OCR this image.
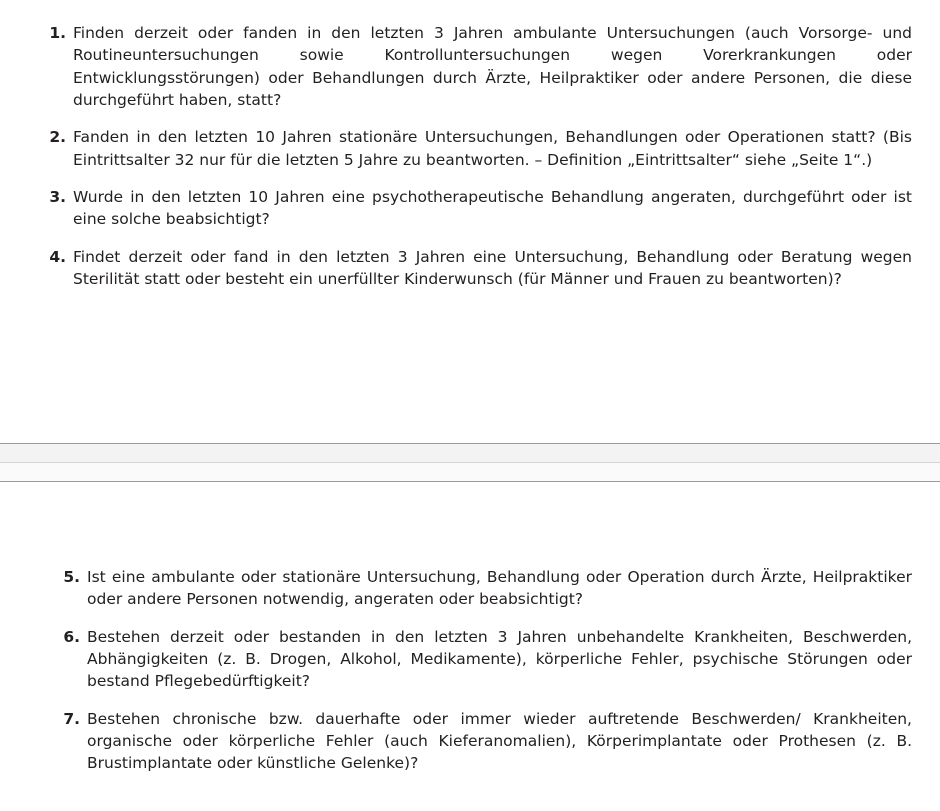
1. Finden derzeit oder fanden in den letzten 3 Jahren ambulante Untersuchungen (auch Vorsorge- und Routineuntersuchungen sowie Kontrolluntersuchungen wegen Vorerkrankungen oder Entwicklungsstörungen) oder Behandlungen durch Ärzte, Heilpraktiker oder andere Personen, die diese durchgeführt haben, statt?
2. Fanden in den letzten 10 Jahren stationäre Untersuchungen, Behandlungen oder Operationen statt? (Bis Eintrittsalter 32 nur für die letzten 5 Jahre zu beantworten. – Definition „Eintrittsalter“ siehe „Seite 1“.)
3. Wurde in den letzten 10 Jahren eine psychotherapeutische Behandlung angeraten, durchgeführt oder ist eine solche beabsichtigt?
4. Findet derzeit oder fand in den letzten 3 Jahren eine Untersuchung, Behandlung oder Beratung wegen Sterilität statt oder besteht ein unerfüllter Kinderwunsch (für Männer und Frauen zu beantworten)?
5. Ist eine ambulante oder stationäre Untersuchung, Behandlung oder Operation durch Ärzte, Heilpraktiker oder andere Personen notwendig, angeraten oder beabsichtigt?
6. Bestehen derzeit oder bestanden in den letzten 3 Jahren unbehandelte Krankheiten, Beschwerden, Abhängigkeiten (z. B. Drogen, Alkohol, Medikamente), körperliche Fehler, psychische Störungen oder bestand Pflegebedürftigkeit?
7. Bestehen chronische bzw. dauerhafte oder immer wieder auftretende Beschwerden/ Krankheiten, organische oder körperliche Fehler (auch Kieferanomalien), Körperimplantate oder Prothesen (z. B. Brustimplantate oder künstliche Gelenke)?
